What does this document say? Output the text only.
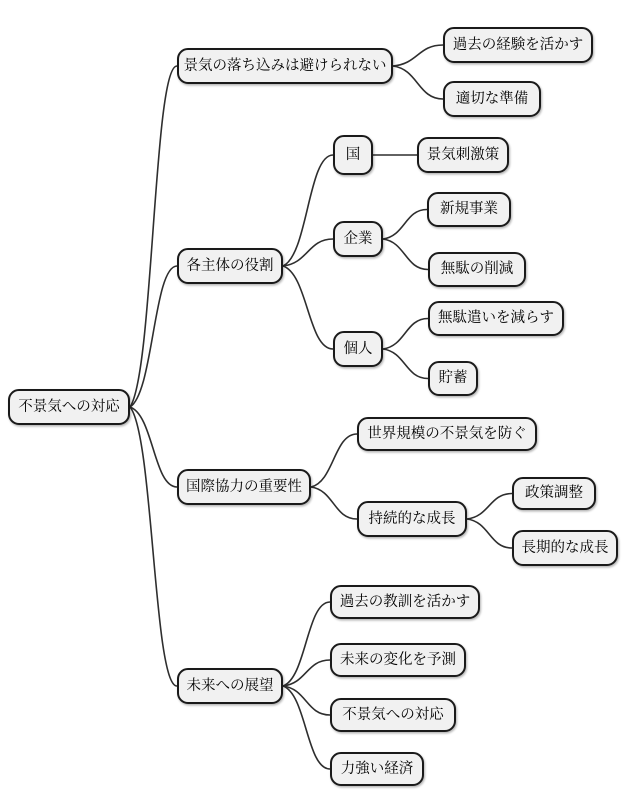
不景気への対応
景気の落ち込みは避けられない
過去の経験を活かす
適切な準備
各主体の役割
国	景気刺激策
企業
新規事業
無駄の削減
個人
無駄遣いを減らす
貯蓄
国際協力の重要性
世界規模の不景気を防ぐ
持続的な成長
政策調整
長期的な成長
未来への展望
過去の教訓を活かす
未来の変化を予測
不景気への対応
力強い経済
